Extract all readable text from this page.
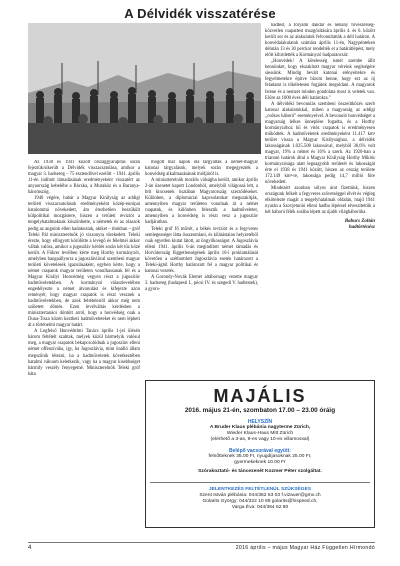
A Délvidék visszatérése

Az 1938 és 1941 között országgyarapítás során fejeztük/sikerült a Délvidék visszacsatolása, amikor a magyar 3. hadsereg – 75 esztendővel ezelőtt – 1941. április 11-én indított támadásának eredményeként visszatért az anyaország kebelébe a Bácska, a Muraköz és a Baranya-háromszög.

1940 végére, habár a Magyar Királyság az addigi területi visszacsatolások eredményeként közép-európai hatalommá növekedett, ám érezhetően beszűkült külpolitikai mozgástere, hiszen a területi revíziót a tengelyhatalmaknak köszönhette, a németek és az olaszok pedig az angolok ellen hadakoztak, akiket – titokban – gróf Teleki Pál miniszterelnök jó viszonyra törekedett. Teleki érezte, hogy elfogyott körülötte a levegő és félelmei akkor váltak valóra, amikor a jugoszláv kérdés során két tűz közé került. A Führer levélben kérte meg Horthy kormányzót, amelyben bangaállyorra a jugoszláviával szembeni magyar területi követelések igazolásaként, egyben kérte, hogy a német csapatok magyar területen vonulhassanak fel és a Magyar Királyi Honvédség vegyen részt a jugoszláv hadműveletekben. A kormányzó válaszlevelében engedélyezte a német átvonulást és kifejezte azon reményét, hogy magyar csapatok is részt vesznek a hadműveletekben, de azok feltételeiről akkor még nem született döntés. Ezen levélváltás kérdésben a minisztertanács döntött arról, hogy a honvédség csak a Duna-Tisza közén keztheti hadműveleteket és nem lépheti át a történelmi magyar határt.

A Legfelső Honvédelmi Tanács április 1-jei ülésén három feltételt szabtak, melyek közül bármelyik valósul meg, a magyar csapatok bekapcsolódnak a jugoszláv elleni német offenzívába, így, ha Jugoszlávia, mint önálló állam megszűnik létezni, ha a hadműveletek következtében hatalmi vákuum keletkezik, vagy ha a magyar kisebbséget bármily veszély fenyegetné. Miniszterelnök Teleki gróf háta

mögött már napok óta tárgyaltak a német-magyar katonai tárgyalások, melyek során megegyeztek a honvédség alkalmazásának módjáról is.

A miniszterelnök morális válságba került, amikor április 2-án üzenetet kapott Londonból, amelyből világossá lett, a brit kincsenek ösztában Magyarország szerződéseket. Különben, a diplomáciai kapcsolatokat megszakítják, amennyiben magyar területen vonulnak át a német csapatok, és különben felesztik a hadműveletet, amennyiben a honvédség is részt vesz a jugoszláv hadjáratban.

Teleki gróf fő művét, a békés revíziót és a fegyveres semlegességet látta összeomlani, és kilátástalan helyzetéből csak egyetlen kiutat látott, az öngyilkosságot. A Jugoszlávia elleni 1941. április 6-án megindított német támadás és Horvátország függetlenségének április 10-i proklamálását követően a szétbomlott Jugoszlávia esetén határozott a Teleki-ágtól Horthy határozott fel a magyar politikai és katonai vezetés.

A Gorondy-Novák Elemér altábornagy vezette magyar 3. hadsereg (budapesti I., pécsi IV. és szegedi V. hadtestek), a gyors-

hadtest, a folyami dandár és néhány főveszérség-közvetlen csapattest mozgósítására április 4. és 6. között került sor és az alakulatok felvonultatták a déli határon. A honvédalakulatok számára április 11-én, Nagypénteken délután 13 és 30 perckor rendelték el a határátlépést, mely előtt kihirdették a Kormányzó hadparancsát:

„Honvédek! A kötelesség ismét szembe állít bennünket, hogy elszakított magyar véreink segítségére siessünk. Mindig bevált katonai erényeitekre és fegyelmetekre építve bízom benne, hogy ezt az új feladatot is tökéletesen fogjátok megoldani. A magyarok Istene és a nemzet minden gondolata most is veletek van. Előre az 1000 éves déli határokra.”

A délvidéki bevonulás szembeni összeütközés szerb katonai alakulatokkal, miben a magyarság az addigi „csókos háború” eseményeivel. A bevonuló honvédséget a magyarság lelkes ünneplése fogadta, és a Horthy kormányzóhoz hű és vitéz csapatok is eredményesen működtek. A hadműveletek eredményeként 11.417 km² terület vissza a Magyar Királysághoz, a délvidék lakosságának 1.025.508 lakossával, melyből 36,6% volt magyar, 19% a német és 16% a szerb. Az 1920-ban a trianoni határok által a Magyar Királyság Horthy Miklós kormányzósága alatt legnagyobb területét és lakosságát érte el 1938 és 1941 között, hiszen az ország területe 172.149 km²-re, lakossága pedig 14,7 millió főre növekedett.

Mindezért azonban súlyos árat fizettünk, hiszen országunk felkelt a fegyveres szövetséggel élvét és végleg elkötelezte magát a tengelyhatalmak oldalán, majd 1941 nyarán a Szovjetunió elleni hadba lépéssel elveszítettük a két háború félék sorába lépett az újabb világháborúba.

Babucs Zoltán
hadtörténész
MAJÁLIS
2016. május 21-én, szombaton 17.00 – 23.00 óráig
HELYSZÍN
A Bruder Klaus plébánia nagyterme Zürich,
Wieder Klaus-Haus Mitt Zürich
(elérhető a 3-as, 9-es vagy 10-es villamossal)
Belépő vacsorával együtt:
felnőtteknek 35.00 Fr, nyugdíjasoknak 25.00 Fr,
gyermekeknek 10.00 Fr
Szórakoztató- és táncezenét Kozmer Péter szolgáltat.
JELENTKEZÉS FELTÉTLENÜL SZÜKSÉGES
Szent István plébánia: 044/362 53 03 f.vizauer@gmx.ch
Golarits György: 044/322 10 68 golarits@hispeed.ch,
Varga Éva: 044/364 62 80
4	2016 április – május Magyar Ház Független Hírmondó
